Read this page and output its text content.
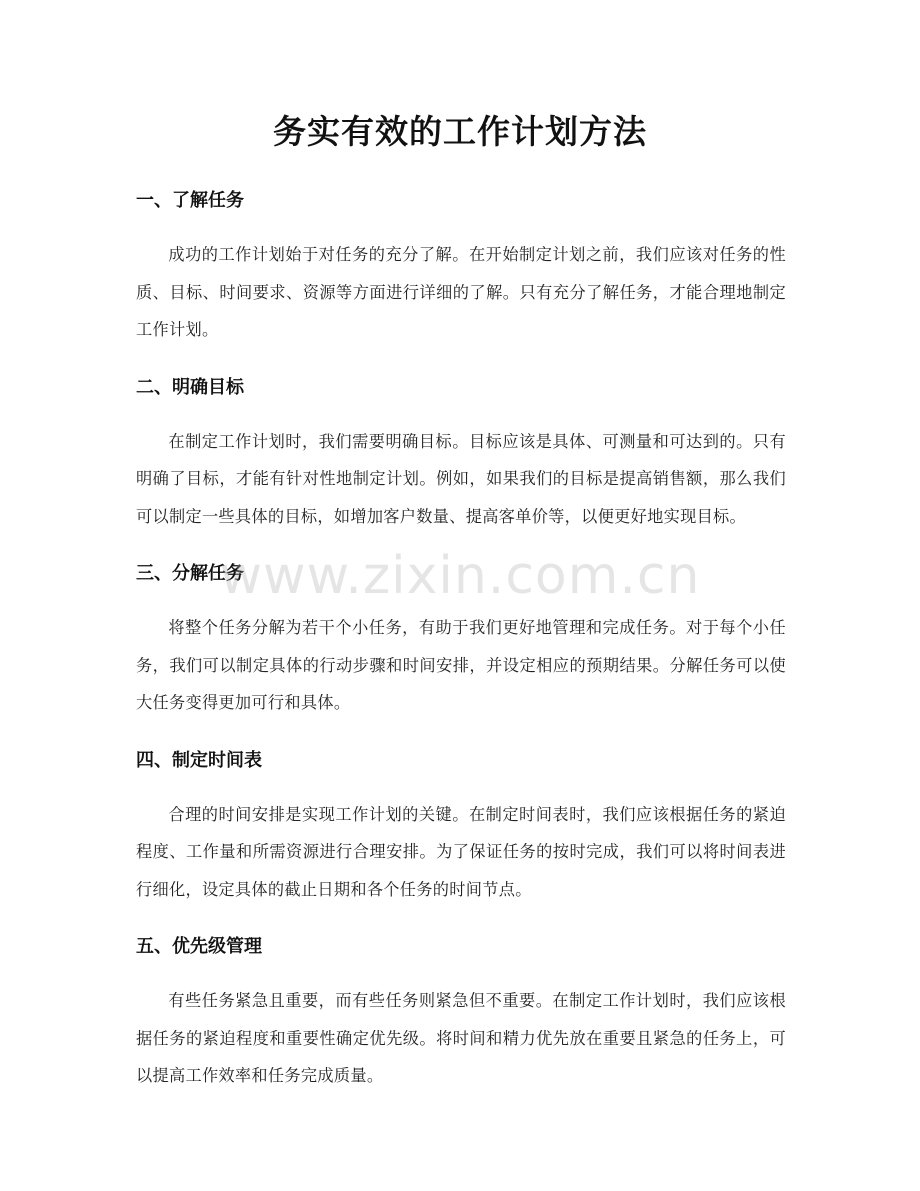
务实有效的工作计划方法
一、了解任务

成功的工作计划始于对任务的充分了解。在开始制定计划之前，我们应该对任务的性质、目标、时间要求、资源等方面进行详细的了解。只有充分了解任务，才能合理地制定工作计划。

二、明确目标

在制定工作计划时，我们需要明确目标。目标应该是具体、可测量和可达到的。只有明确了目标，才能有针对性地制定计划。例如，如果我们的目标是提高销售额，那么我们可以制定一些具体的目标，如增加客户数量、提高客单价等，以便更好地实现目标。

三、分解任务

将整个任务分解为若干个小任务，有助于我们更好地管理和完成任务。对于每个小任务，我们可以制定具体的行动步骤和时间安排，并设定相应的预期结果。分解任务可以使大任务变得更加可行和具体。

四、制定时间表

合理的时间安排是实现工作计划的关键。在制定时间表时，我们应该根据任务的紧迫程度、工作量和所需资源进行合理安排。为了保证任务的按时完成，我们可以将时间表进行细化，设定具体的截止日期和各个任务的时间节点。

五、优先级管理

有些任务紧急且重要，而有些任务则紧急但不重要。在制定工作计划时，我们应该根据任务的紧迫程度和重要性确定优先级。将时间和精力优先放在重要且紧急的任务上，可以提高工作效率和任务完成质量。

www.zixin.com.cn
